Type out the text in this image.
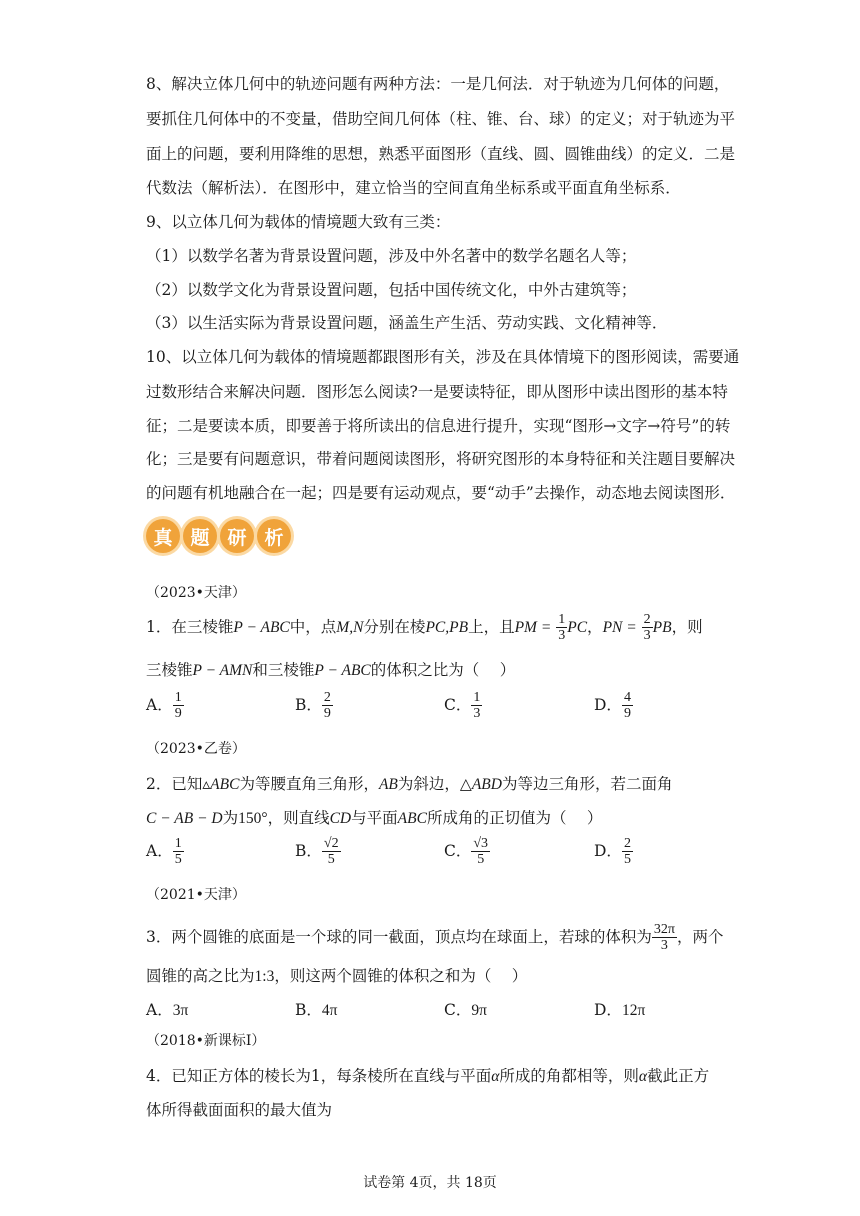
8、解决立体几何中的轨迹问题有两种方法：一是几何法．对于轨迹为几何体的问题，
要抓住几何体中的不变量，借助空间几何体（柱、锥、台、球）的定义；对于轨迹为平
面上的问题，要利用降维的思想，熟悉平面图形（直线、圆、圆锥曲线）的定义．二是
代数法（解析法）．在图形中，建立恰当的空间直角坐标系或平面直角坐标系．
9、以立体几何为载体的情境题大致有三类：
（1）以数学名著为背景设置问题，涉及中外名著中的数学名题名人等；
（2）以数学文化为背景设置问题，包括中国传统文化，中外古建筑等；
（3）以生活实际为背景设置问题，涵盖生产生活、劳动实践、文化精神等．
10、以立体几何为载体的情境题都跟图形有关，涉及在具体情境下的图形阅读，需要通
过数形结合来解决问题．图形怎么阅读?一是要读特征，即从图形中读出图形的基本特
征；二是要读本质，即要善于将所读出的信息进行提升，实现“图形→文字→符号”的转
化；三是要有问题意识，带着问题阅读图形，将研究图形的本身特征和关注题目要解决
的问题有机地融合在一起；四是要有运动观点，要“动手”去操作，动态地去阅读图形．
真 题 研 析
（2023•天津）
1．在三棱锥P − ABC中，点M,N分别在棱PC,PB上，且PM = $\frac{1}{3}$ PC，PN = $\frac{2}{3}$ PB，则
三棱锥P − AMN和三棱锥P − ABC的体积之比为（　 ）
A． $\frac{1}{9}$	B． $\frac{2}{9}$	C． $\frac{1}{3}$	D． $\frac{4}{9}$
（2023•乙卷）
2．已知▵ABC为等腰直角三角形，AB为斜边，△ABD为等边三角形，若二面角
C − AB − D为150°，则直线CD与平面ABC所成角的正切值为（　 ）
A． $\frac{1}{5}$	B． $\frac{√2}{5}$	C． $\frac{√3}{5}$	D． $\frac{2}{5}$
（2021•天津）
3．两个圆锥的底面是一个球的同一截面，顶点均在球面上，若球的体积为 $\frac{32\pi}{3}$ ，两个
圆锥的高之比为1:3，则这两个圆锥的体积之和为（　 ）
A．3π	B．4π	C．9π	D．12π
（2018•新课标Ⅰ）
4．已知正方体的棱长为1，每条棱所在直线与平面α所成的角都相等，则α截此正方
体所得截面面积的最大值为
试卷第 4页，共 18页
